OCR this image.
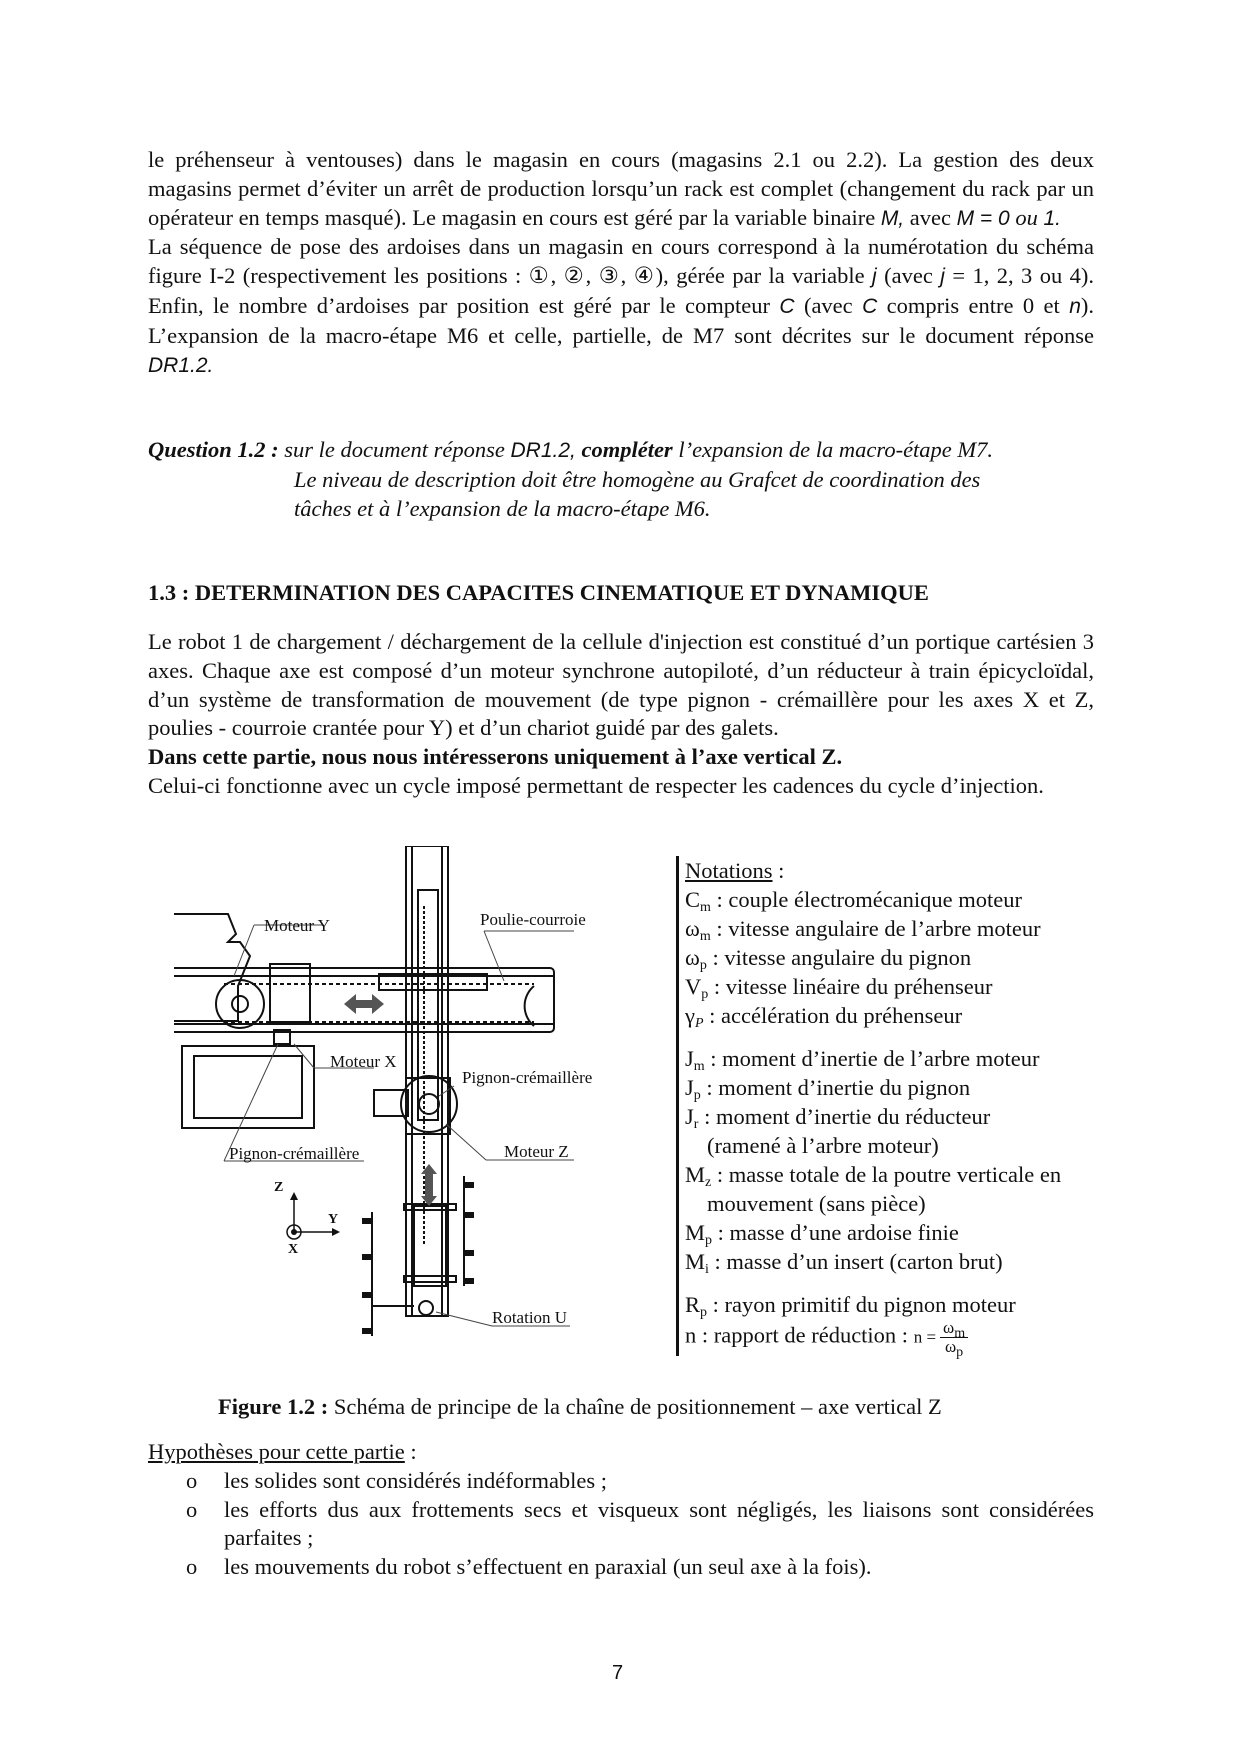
le préhenseur à ventouses) dans le magasin en cours (magasins 2.1 ou 2.2). La gestion des deux magasins permet d’éviter un arrêt de production lorsqu’un rack est complet (changement du rack par un opérateur en temps masqué). Le magasin en cours est géré par la variable binaire M, avec M = 0 ou 1.

La séquence de pose des ardoises dans un magasin en cours correspond à la numérotation du schéma figure I-2 (respectivement les positions : ①, ②, ③, ④), gérée par la variable j (avec j = 1, 2, 3 ou 4). Enfin, le nombre d’ardoises par position est géré par le compteur C (avec C compris entre 0 et n). L’expansion de la macro-étape M6 et celle, partielle, de M7 sont décrites sur le document réponse DR1.2.

Question 1.2 : sur le document réponse DR1.2, compléter l’expansion de la macro-étape M7.
Le niveau de description doit être homogène au Grafcet de coordination des
tâches et à l’expansion de la macro-étape M6.
1.3 : DETERMINATION DES CAPACITES CINEMATIQUE ET DYNAMIQUE

Le robot 1 de chargement / déchargement de la cellule d'injection est constitué d’un portique cartésien 3 axes. Chaque axe est composé d’un moteur synchrone autopiloté, d’un réducteur à train épicycloïdal, d’un système de transformation de mouvement (de type pignon - crémaillère pour les axes X et Z, poulies - courroie crantée pour Y) et d’un chariot guidé par des galets.

Dans cette partie, nous nous intéresserons uniquement à l’axe vertical Z.

Celui-ci fonctionne avec un cycle imposé permettant de respecter les cadences du cycle d’injection.

Moteur Y	Poulie-courroie
Moteur X
Pignon-crémaillère
Pignon-crémaillère	Moteur Z
Rotation U
Z
Y
X
Notations :
$C_m$ : couple électromécanique moteur
$\omega_m$ : vitesse angulaire de l’arbre moteur
$\omega_p$ : vitesse angulaire du pignon
$V_p$ : vitesse linéaire du préhenseur
$\gamma_P$ : accélération du préhenseur
$J_m$ : moment d’inertie de l’arbre moteur
$J_p$ : moment d’inertie du pignon
$J_r$ : moment d’inertie du réducteur
(ramené à l’arbre moteur)
$M_z$ : masse totale de la poutre verticale en
mouvement (sans pièce)
$M_p$ : masse d’une ardoise finie
$M_i$ : masse d’un insert (carton brut)
$R_p$ : rayon primitif du pignon moteur
n : rapport de réduction : $n = \frac{\omega_m}{\omega_p}$
Figure 1.2 : Schéma de principe de la chaîne de positionnement – axe vertical Z
Hypothèses pour cette partie :
o les solides sont considérés indéformables ;
o les efforts dus aux frottements secs et visqueux sont négligés, les liaisons sont considérées parfaites ;
o les mouvements du robot s’effectuent en paraxial (un seul axe à la fois).
7
